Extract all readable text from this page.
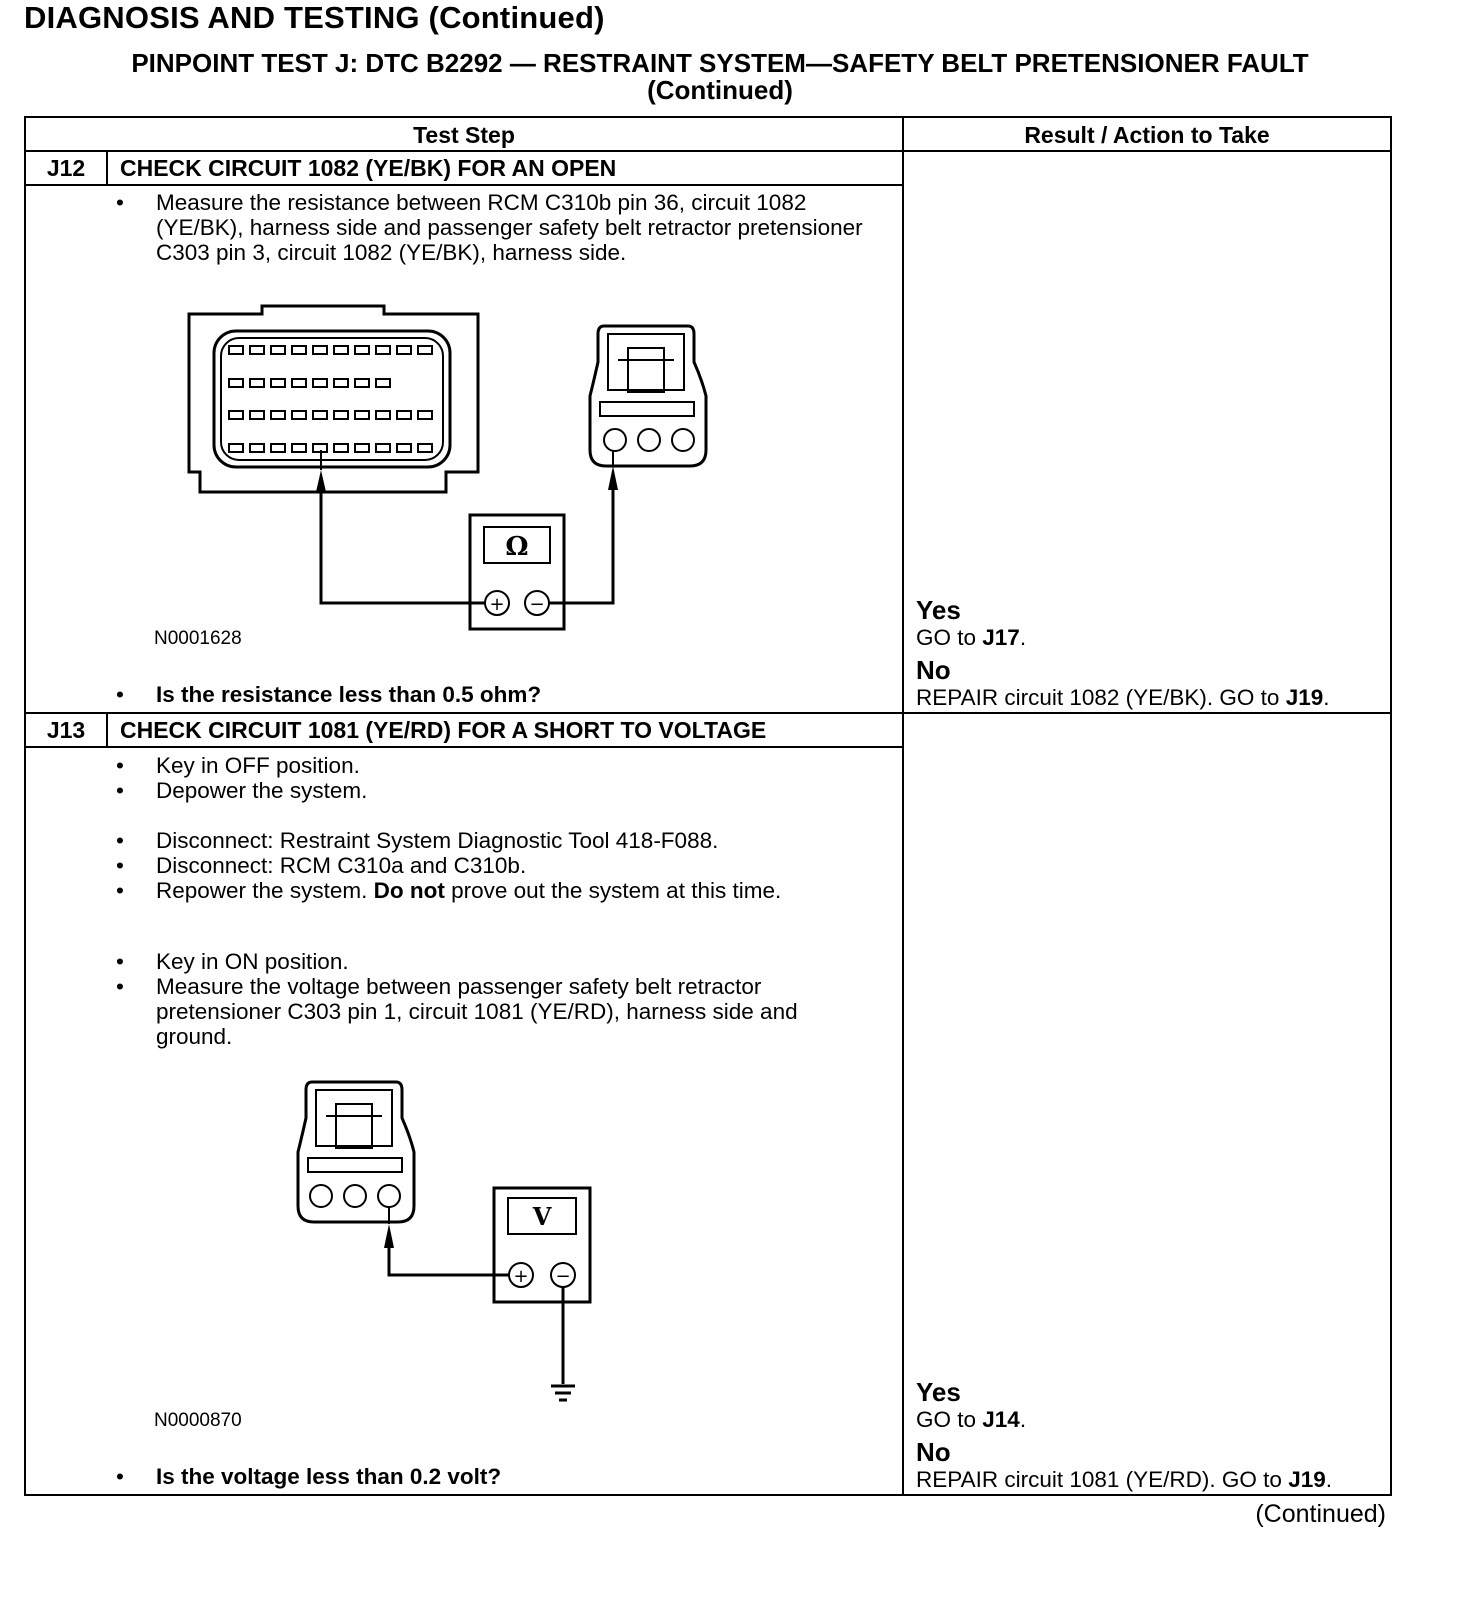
DIAGNOSIS AND TESTING (Continued)
PINPOINT TEST J: DTC B2292 — RESTRAINT SYSTEM—SAFETY BELT PRETENSIONER FAULT
(Continued)
Test Step	Result / Action to Take
J12	CHECK CIRCUIT 1082 (YE/BK) FOR AN OPEN
•	Measure the resistance between RCM C310b pin 36, circuit 1082 (YE/BK), harness side and passenger safety belt retractor pretensioner C303 pin 3, circuit 1082 (YE/BK), harness side.
Ω
+ −
N0001628
• Is the resistance less than 0.5 ohm?
Yes
GO to J17.
No
REPAIR circuit 1082 (YE/BK). GO to J19.
J13	CHECK CIRCUIT 1081 (YE/RD) FOR A SHORT TO VOLTAGE
•	Key in OFF position.
•	Depower the system.
•	Disconnect: Restraint System Diagnostic Tool 418-F088.
•	Disconnect: RCM C310a and C310b.
•	Repower the system. Do not prove out the system at this time.
•	Key in ON position.
•	Measure the voltage between passenger safety belt retractor pretensioner C303 pin 1, circuit 1081 (YE/RD), harness side and ground.
V
+ −
N0000870
• Is the voltage less than 0.2 volt?
Yes
GO to J14.
No
REPAIR circuit 1081 (YE/RD). GO to J19.
(Continued)
